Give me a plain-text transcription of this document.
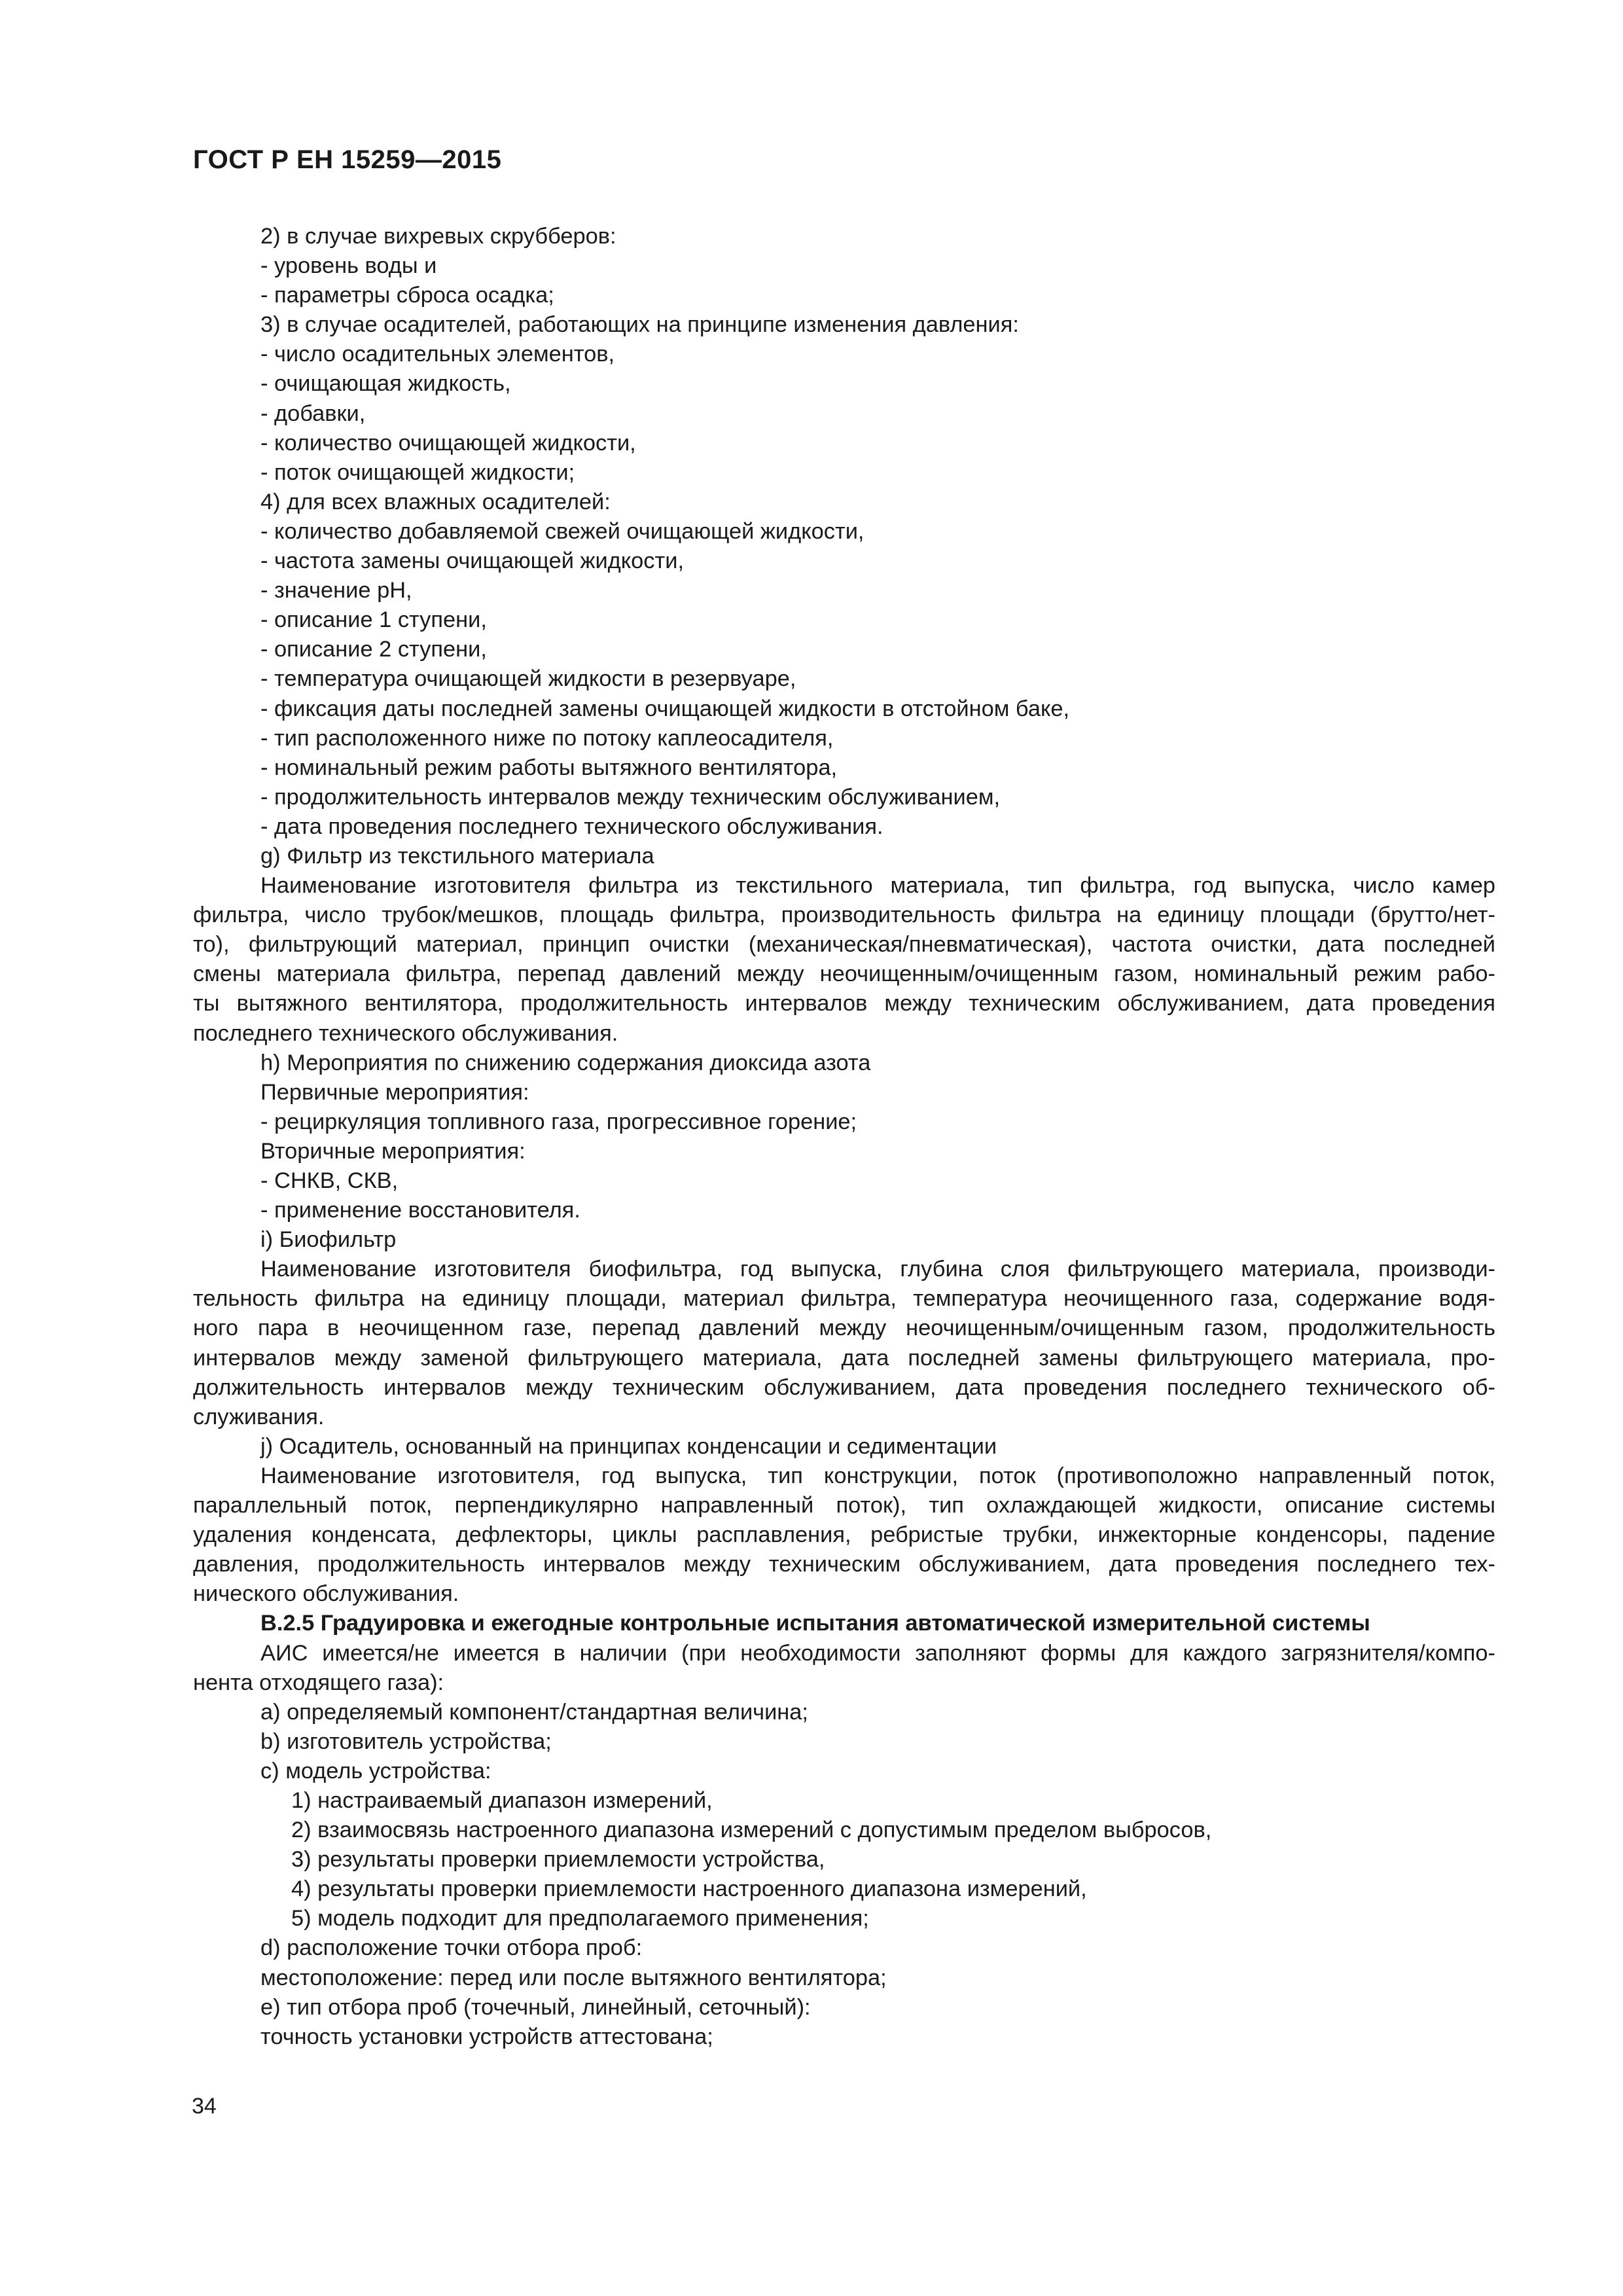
ГОСТ Р ЕН 15259—2015
2) в случае вихревых скрубберов:
- уровень воды и
- параметры сброса осадка;
3) в случае осадителей, работающих на принципе изменения давления:
- число осадительных элементов,
- очищающая жидкость,
- добавки,
- количество очищающей жидкости,
- поток очищающей жидкости;
4) для всех влажных осадителей:
- количество добавляемой свежей очищающей жидкости,
- частота замены очищающей жидкости,
- значение pH,
- описание 1 ступени,
- описание 2 ступени,
- температура очищающей жидкости в резервуаре,
- фиксация даты последней замены очищающей жидкости в отстойном баке,
- тип расположенного ниже по потоку каплеосадителя,
- номинальный режим работы вытяжного вентилятора,
- продолжительность интервалов между техническим обслуживанием,
- дата проведения последнего технического обслуживания.
g) Фильтр из текстильного материала
Наименование изготовителя фильтра из текстильного материала, тип фильтра, год выпуска, число камер
фильтра, число трубок/мешков, площадь фильтра, производительность фильтра на единицу площади (брутто/нет-
то), фильтрующий материал, принцип очистки (механическая/пневматическая), частота очистки, дата последней
смены материала фильтра, перепад давлений между неочищенным/очищенным газом, номинальный режим рабо-
ты вытяжного вентилятора, продолжительность интервалов между техническим обслуживанием, дата проведения
последнего технического обслуживания.
h) Мероприятия по снижению содержания диоксида азота
Первичные мероприятия:
- рециркуляция топливного газа, прогрессивное горение;
Вторичные мероприятия:
- СНКВ, СКВ,
- применение восстановителя.
i) Биофильтр
Наименование изготовителя биофильтра, год выпуска, глубина слоя фильтрующего материала, производи-
тельность фильтра на единицу площади, материал фильтра, температура неочищенного газа, содержание водя-
ного пара в неочищенном газе, перепад давлений между неочищенным/очищенным газом, продолжительность
интервалов между заменой фильтрующего материала, дата последней замены фильтрующего материала, про-
должительность интервалов между техническим обслуживанием, дата проведения последнего технического об-
служивания.
j) Осадитель, основанный на принципах конденсации и седиментации
Наименование изготовителя, год выпуска, тип конструкции, поток (противоположно направленный поток,
параллельный поток, перпендикулярно направленный поток), тип охлаждающей жидкости, описание системы
удаления конденсата, дефлекторы, циклы расплавления, ребристые трубки, инжекторные конденсоры, падение
давления, продолжительность интервалов между техническим обслуживанием, дата проведения последнего тех-
нического обслуживания.
В.2.5 Градуировка и ежегодные контрольные испытания автоматической измерительной системы
АИС имеется/не имеется в наличии (при необходимости заполняют формы для каждого загрязнителя/компо-
нента отходящего газа):
a) определяемый компонент/стандартная величина;
b) изготовитель устройства;
c) модель устройства:
1) настраиваемый диапазон измерений,
2) взаимосвязь настроенного диапазона измерений с допустимым пределом выбросов,
3) результаты проверки приемлемости устройства,
4) результаты проверки приемлемости настроенного диапазона измерений,
5) модель подходит для предполагаемого применения;
d) расположение точки отбора проб:
местоположение: перед или после вытяжного вентилятора;
e) тип отбора проб (точечный, линейный, сеточный):
точность установки устройств аттестована;
34
